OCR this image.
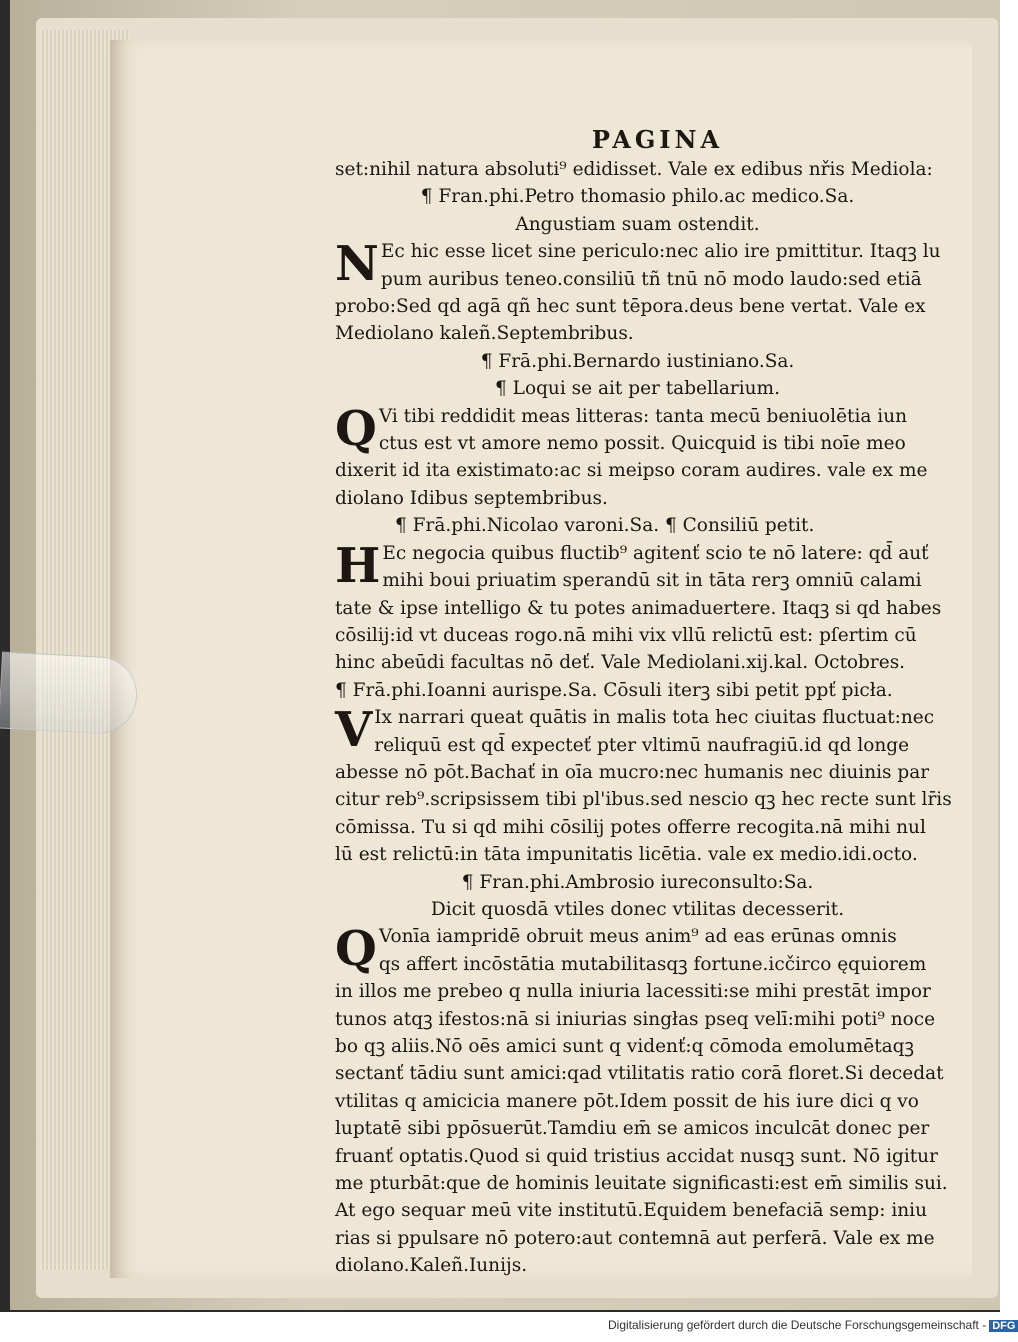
PAGINA
set:nihil natura absoluti⁹ edidisset. Vale ex edibus nřis Mediola:
¶ Fran.phi.Petro thomasio philo.ac medico.Sa.
Angustiam suam ostendit.
N Ec hic esse licet sine periculo:nec alio ire pmittitur. Itaqꝫ lu
pum auribus teneo.consiliū tñ tnū nō modo laudo:sed etiā
probo:Sed qd agā qñ hec sunt tēpora.deus bene vertat. Vale ex
Mediolano kaleñ.Septembribus.
¶ Frā.phi.Bernardo iustiniano.Sa.
¶ Loqui se ait per tabellarium.
Q Vi tibi reddidit meas litteras: tanta mecū beniuolētia iun
ctus est vt amore nemo possit. Quicquid is tibi noīe meo
dixerit id ita existimato:ac si meipso coram audires. vale ex me
diolano Idibus septembribus.
¶ Frā.phi.Nicolao varoni.Sa. ¶ Consiliū petit.
H Ec negocia quibus fluctib⁹ agitenť scio te nō latere: qd̄ auť
mihi boui priuatim sperandū sit in tāta rerꝫ omniū calami
tate & ipse intelligo & tu potes animaduertere. Itaqꝫ si qd habes
cōsilij:id vt duceas rogo.nā mihi vix vllū relictū est: pſertim cū
hinc abeūdi facultas nō deť. Vale Mediolani.xij.kal. Octobres.
¶ Frā.phi.Ioanni aurispe.Sa. Cōsuli iterꝫ sibi petit ppť picła.
V Ix narrari queat quātis in malis tota hec ciuitas fluctuat:nec
reliquū est qd̄ expecteť pter vltimū naufragiū.id qd longe
abesse nō pōt.Bachať in oīa mucro:nec humanis nec diuinis par
citur reb⁹.scripsissem tibi pl'ibus.sed nescio qꝫ hec recte sunt lr̄is
cōmissa. Tu si qd mihi cōsilij potes offerre recogita.nā mihi nul
lū est relictū:in tāta impunitatis licētia. vale ex medio.idi.octo.
¶ Fran.phi.Ambrosio iureconsulto:Sa.
Dicit quosdā vtiles donec vtilitas decesserit.
Q Vonīa iampridē obruit meus anim⁹ ad eas erūnas omnis
qs affert incōstātia mutabilitasqꝫ fortune.icčirco ęquiorem
in illos me prebeo q nulla iniuria lacessiti:se mihi prestāt impor
tunos atqꝫ ifestos:nā si iniurias singłas pseq velī:mihi poti⁹ noce
bo qꝫ aliis.Nō oēs amici sunt q videnť:q cōmoda emolumētaqꝫ
sectanť tādiu sunt amici:qad vtilitatis ratio corā floret.Si decedat
vtilitas q amicicia manere pōt.Idem possit de his iure dici q vo
luptatē sibi ppōsuerūt.Tamdiu em̄ se amicos inculcāt donec per
fruanť optatis.Quod si quid tristius accidat nusqꝫ sunt. Nō igitur
me pturbāt:que de hominis leuitate significasti:est em̄ similis sui.
At ego sequar meū vite institutū.Equidem benefaciā semp: iniu
rias si ppulsare nō potero:aut contemnā aut perferā. Vale ex me
diolano.Kaleñ.Iunijs.
Digitalisierung gefördert durch die Deutsche Forschungsgemeinschaft - DFG
